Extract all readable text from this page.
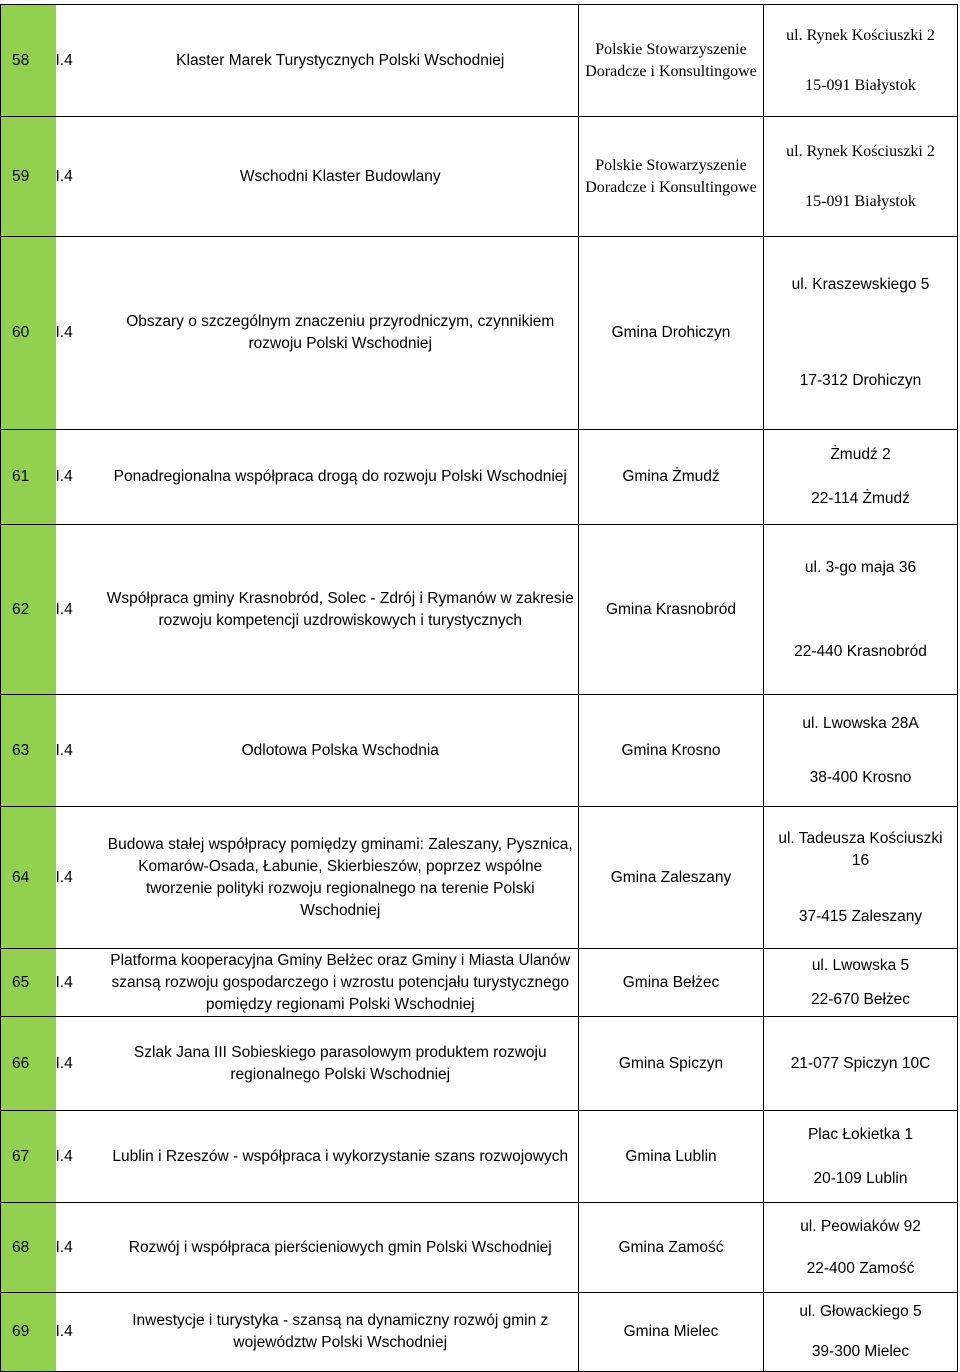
58	I.4	Klaster Marek Turystycznych Polski Wschodniej	Polskie Stowarzyszenie Doradcze i Konsultingowe	ul. Rynek Kościuszki 2
15-091 Białystok

59	I.4	Wschodni Klaster Budowlany	Polskie Stowarzyszenie Doradcze i Konsultingowe	ul. Rynek Kościuszki 2
15-091 Białystok

60	I.4	Obszary o szczególnym znaczeniu przyrodniczym, czynnikiem rozwoju Polski Wschodniej	Gmina Drohiczyn	ul. Kraszewskiego 5
17-312 Drohiczyn

61	I.4	Ponadregionalna współpraca drogą do rozwoju Polski Wschodniej	Gmina Żmudź	Żmudź 2
22-114 Żmudź

62	I.4	Współpraca gminy Krasnobród, Solec - Zdrój i Rymanów w zakresie rozwoju kompetencji uzdrowiskowych i turystycznych	Gmina Krasnobród	ul. 3-go maja 36
22-440 Krasnobród

63	I.4	Odlotowa Polska Wschodnia	Gmina Krosno	ul. Lwowska 28A
38-400 Krosno

64	I.4	Budowa stałej współpracy pomiędzy gminami: Zaleszany, Pysznica, Komarów-Osada, Łabunie, Skierbieszów, poprzez wspólne tworzenie polityki rozwoju regionalnego na terenie Polski Wschodniej	Gmina Zaleszany	ul. Tadeusza Kościuszki 16
37-415 Zaleszany

65	I.4	Platforma kooperacyjna Gminy Bełżec oraz Gminy i Miasta Ulanów szansą rozwoju gospodarczego i wzrostu potencjału turystycznego pomiędzy regionami Polski Wschodniej	Gmina Bełżec	ul. Lwowska 5
22-670 Bełżec

66	I.4	Szlak Jana III Sobieskiego parasolowym produktem rozwoju regionalnego Polski Wschodniej	Gmina Spiczyn	21-077 Spiczyn 10C
67	I.4	Lublin i Rzeszów - współpraca i wykorzystanie szans rozwojowych	Gmina Lublin	Plac Łokietka 1
20-109 Lublin

68	I.4	Rozwój i współpraca pierścieniowych gmin Polski Wschodniej	Gmina Zamość	ul. Peowiaków 92
22-400 Zamość

69	I.4	Inwestycje i turystyka - szansą na dynamiczny rozwój gmin z województw Polski Wschodniej	Gmina Mielec	ul. Głowackiego 5
39-300 Mielec
